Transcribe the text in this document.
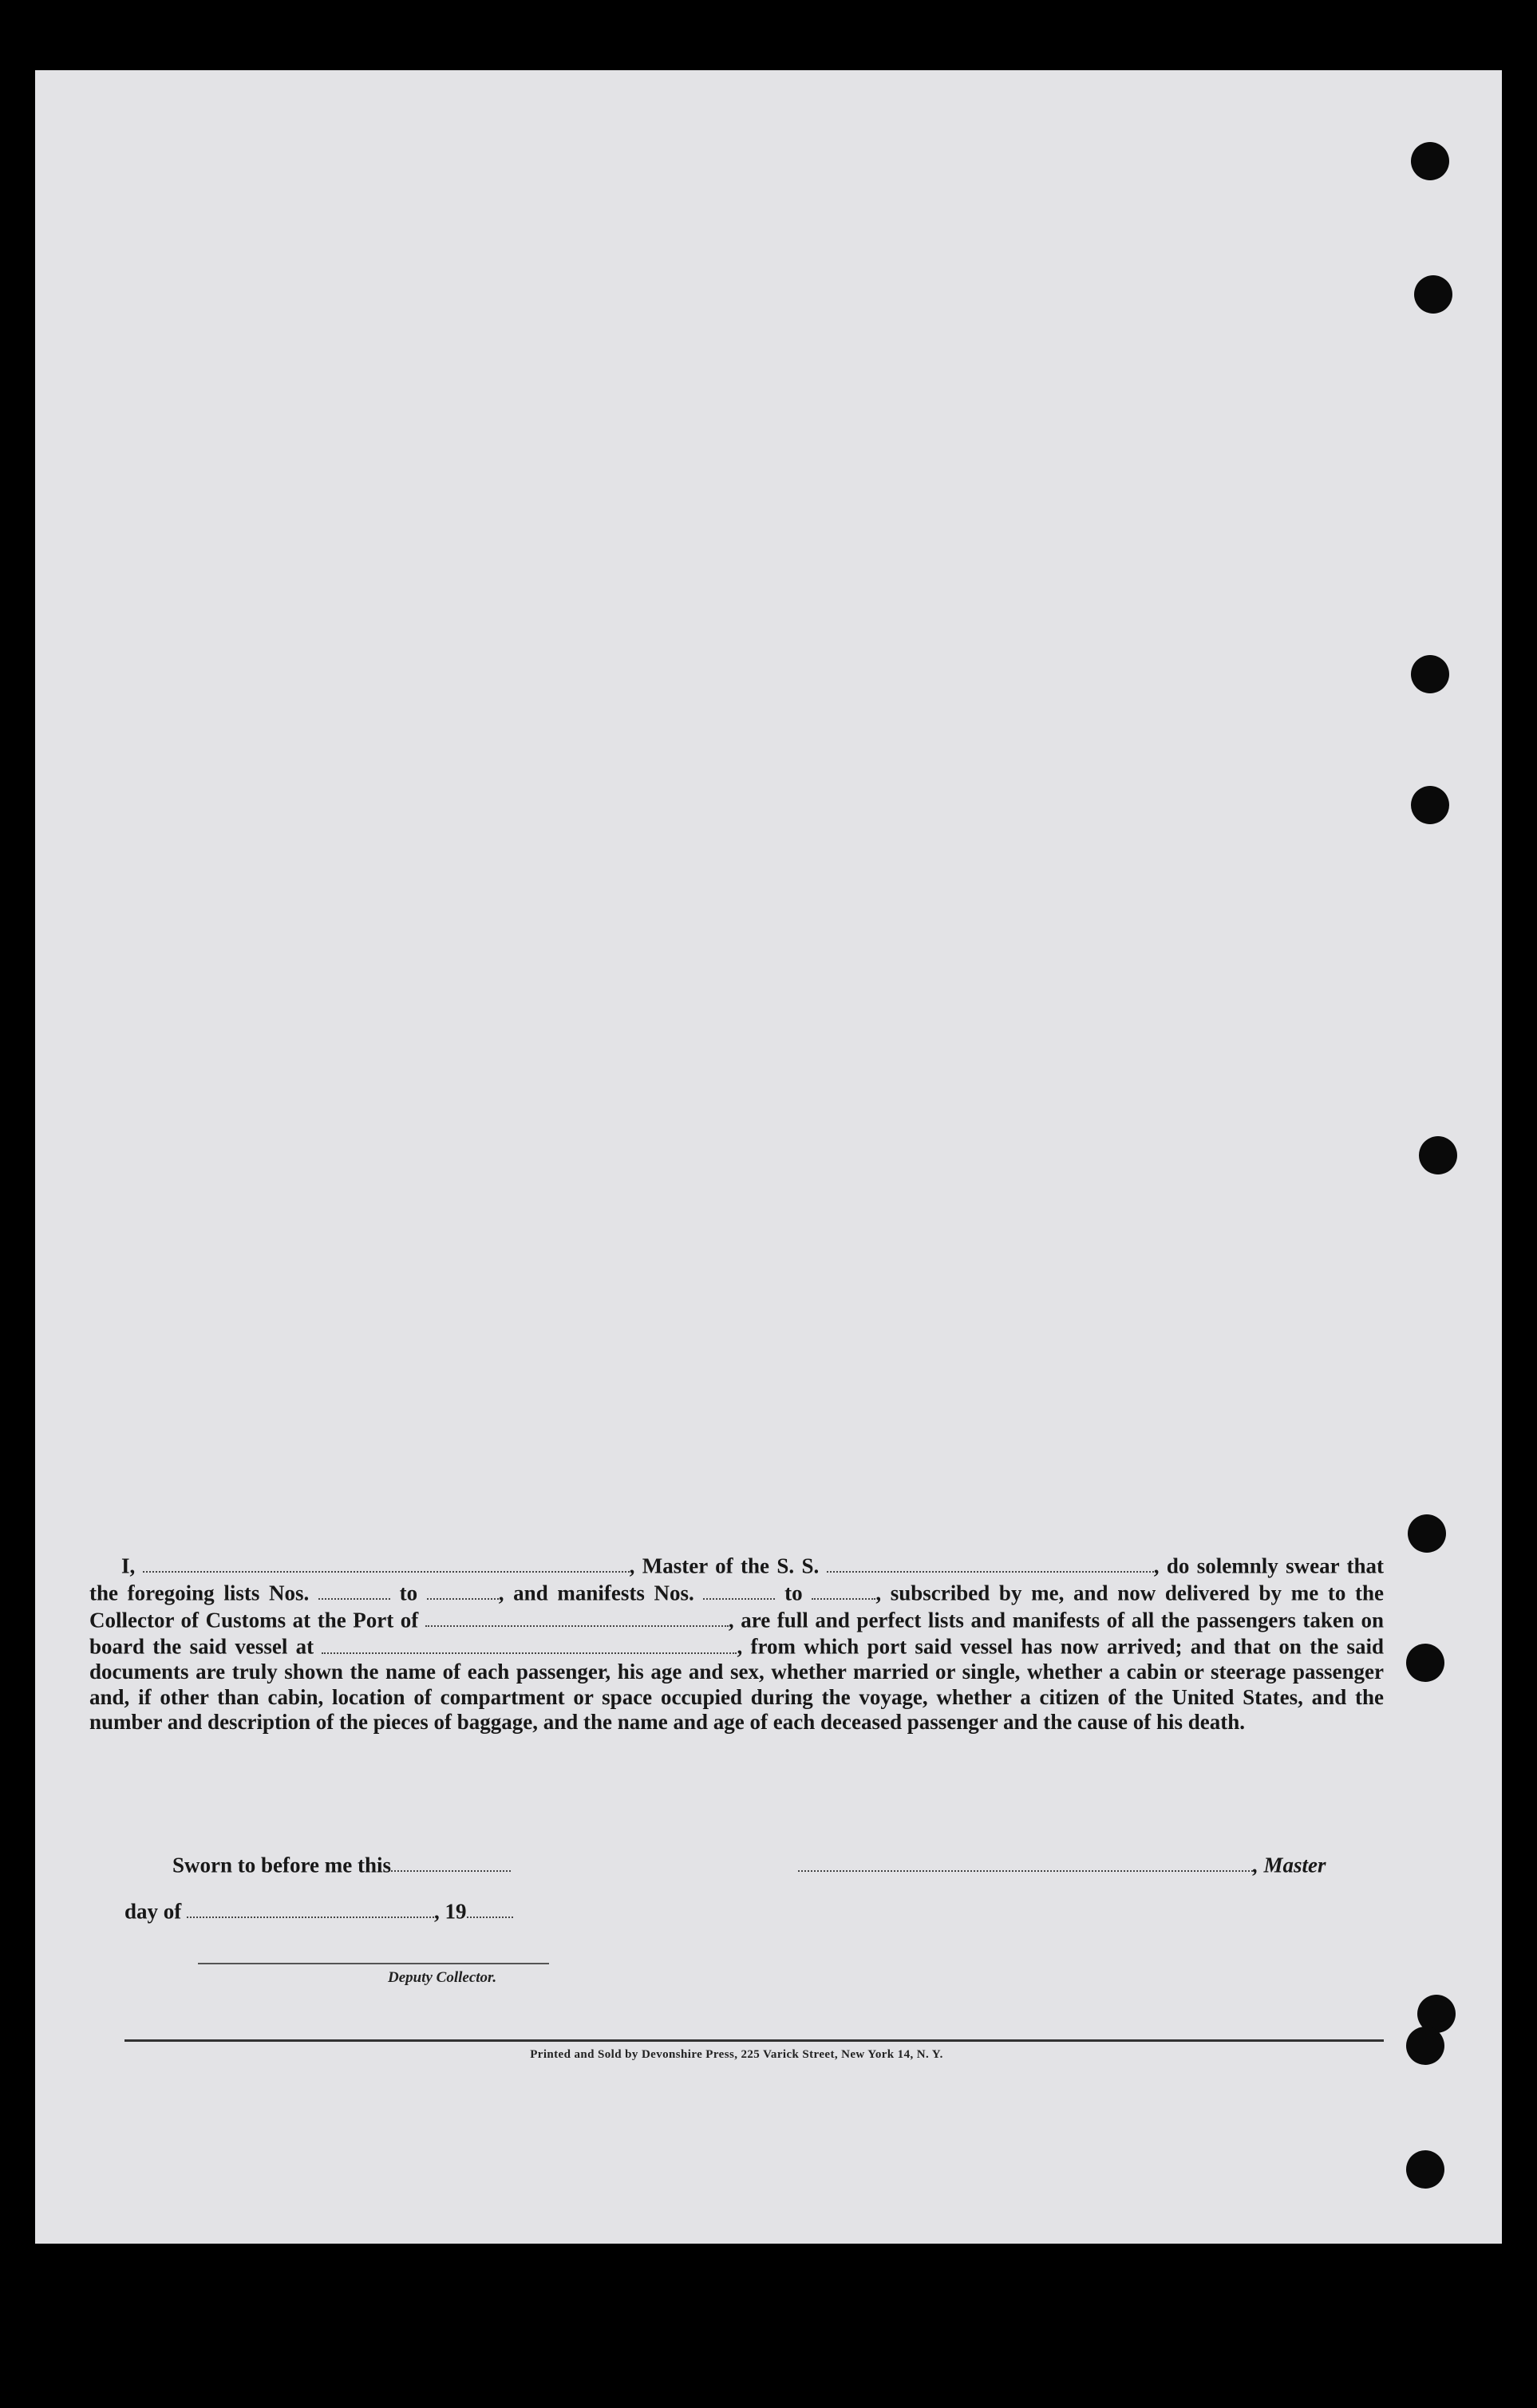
I,	, Master of the S. S.	, do solemnly swear that the foregoing lists Nos.	to	, and manifests Nos.	to	, subscribed by me, and now delivered by me to the Collector of Customs at the Port of	, are full and perfect lists and manifests of all the passengers taken on board the said vessel at	, from which port said vessel has now arrived; and that on the said documents are truly shown the name of each passenger, his age and sex, whether married or single, whether a cabin or steerage passenger and, if other than cabin, location of compartment or space occupied during the voyage, whether a citizen of the United States, and the number and description of the pieces of baggage, and the name and age of each deceased passenger and the cause of his death.

Sworn to before me this	, Master
day of	, 19
Deputy Collector.
Printed and Sold by Devonshire Press, 225 Varick Street, New York 14, N. Y.
